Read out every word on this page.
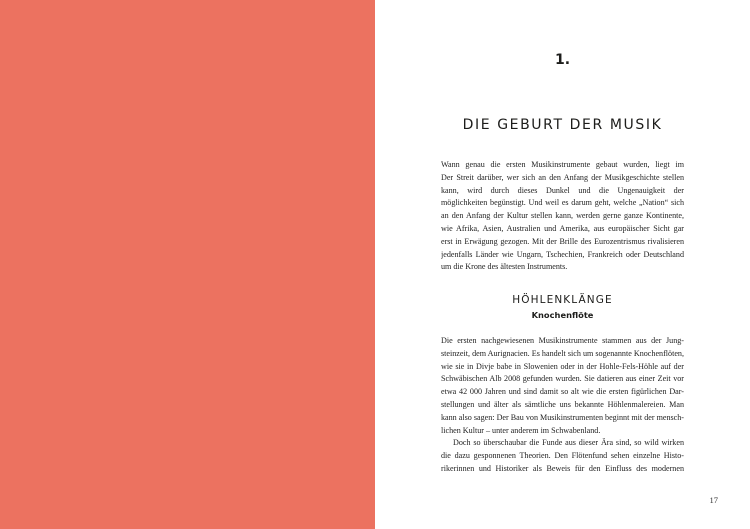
1.
DIE GEBURT DER MUSIK
Wann genau die ersten Musikinstrumente gebaut wurden, liegt im
Der Streit darüber, wer sich an den Anfang der Musikgeschichte stellen
kann, wird durch dieses Dunkel und die Ungenauigkeit der
möglichkeiten begünstigt. Und weil es darum geht, welche „Nation“ sich
an den Anfang der Kultur stellen kann, werden gerne ganze Kontinente,
wie Afrika, Asien, Australien und Amerika, aus europäischer Sicht gar
erst in Erwägung gezogen. Mit der Brille des Eurozentrismus rivalisieren
jedenfalls Länder wie Ungarn, Tschechien, Frankreich oder Deutschland
um die Krone des ältesten Instruments.
HÖHLENKLÄNGE
Knochenflöte
Die ersten nachgewiesenen Musikinstrumente stammen aus der Jung-
steinzeit, dem Aurignacien. Es handelt sich um sogenannte Knochenflöten,
wie sie in Divje babe in Slowenien oder in der Hohle-Fels-Höhle auf der
Schwäbischen Alb 2008 gefunden wurden. Sie datieren aus einer Zeit vor
etwa 42 000 Jahren und sind damit so alt wie die ersten figürlichen Dar-
stellungen und älter als sämtliche uns bekannte Höhlenmalereien. Man
kann also sagen: Der Bau von Musikinstrumenten beginnt mit der mensch-
lichen Kultur – unter anderem im Schwabenland.
Doch so überschaubar die Funde aus dieser Ära sind, so wild wirken
die dazu gesponnenen Theorien. Den Flötenfund sehen einzelne Histo-
rikerinnen und Historiker als Beweis für den Einfluss des modernen
17
